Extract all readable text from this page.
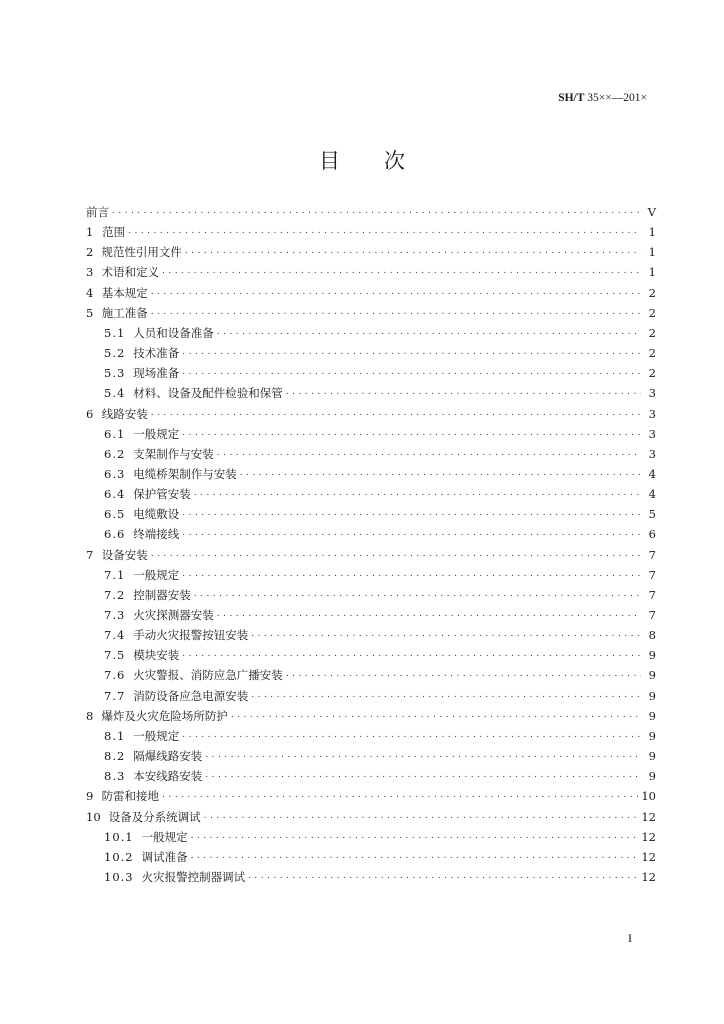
SH/T 35××—201×
目 次
前言 . . .	V
1 范围 . . .	1
2 规范性引用文件 . . .	1
3 术语和定义 . . .	1
4 基本规定 . . .	2
5 施工准备 . . .	2
5.1 人员和设备准备 . . .	2
5.2 技术准备 . . .	2
5.3 现场准备 . . .	2
5.4 材料、设备及配件检验和保管 . . .	3
6 线路安装 . . .	3
6.1 一般规定 . . .	3
6.2 支架制作与安装 . . .	3
6.3 电缆桥架制作与安装 . . .	4
6.4 保护管安装 . . .	4
6.5 电缆敷设 . . .	5
6.6 终端接线 . . .	6
7 设备安装 . . .	7
7.1 一般规定 . . .	7
7.2 控制器安装 . . .	7
7.3 火灾探测器安装 . . .	7
7.4 手动火灾报警按钮安装 . . .	8
7.5 模块安装 . . .	9
7.6 火灾警报、消防应急广播安装 . . .	9
7.7 消防设备应急电源安装 . . .	9
8 爆炸及火灾危险场所防护 . . .	9
8.1 一般规定 . . .	9
8.2 隔爆线路安装 . . .	9
8.3 本安线路安装 . . .	9
9 防雷和接地 . . .	10
10 设备及分系统调试 . . .	12
10.1 一般规定 . . .	12
10.2 调试准备 . . .	12
10.3 火灾报警控制器调试 . . .	12
I
